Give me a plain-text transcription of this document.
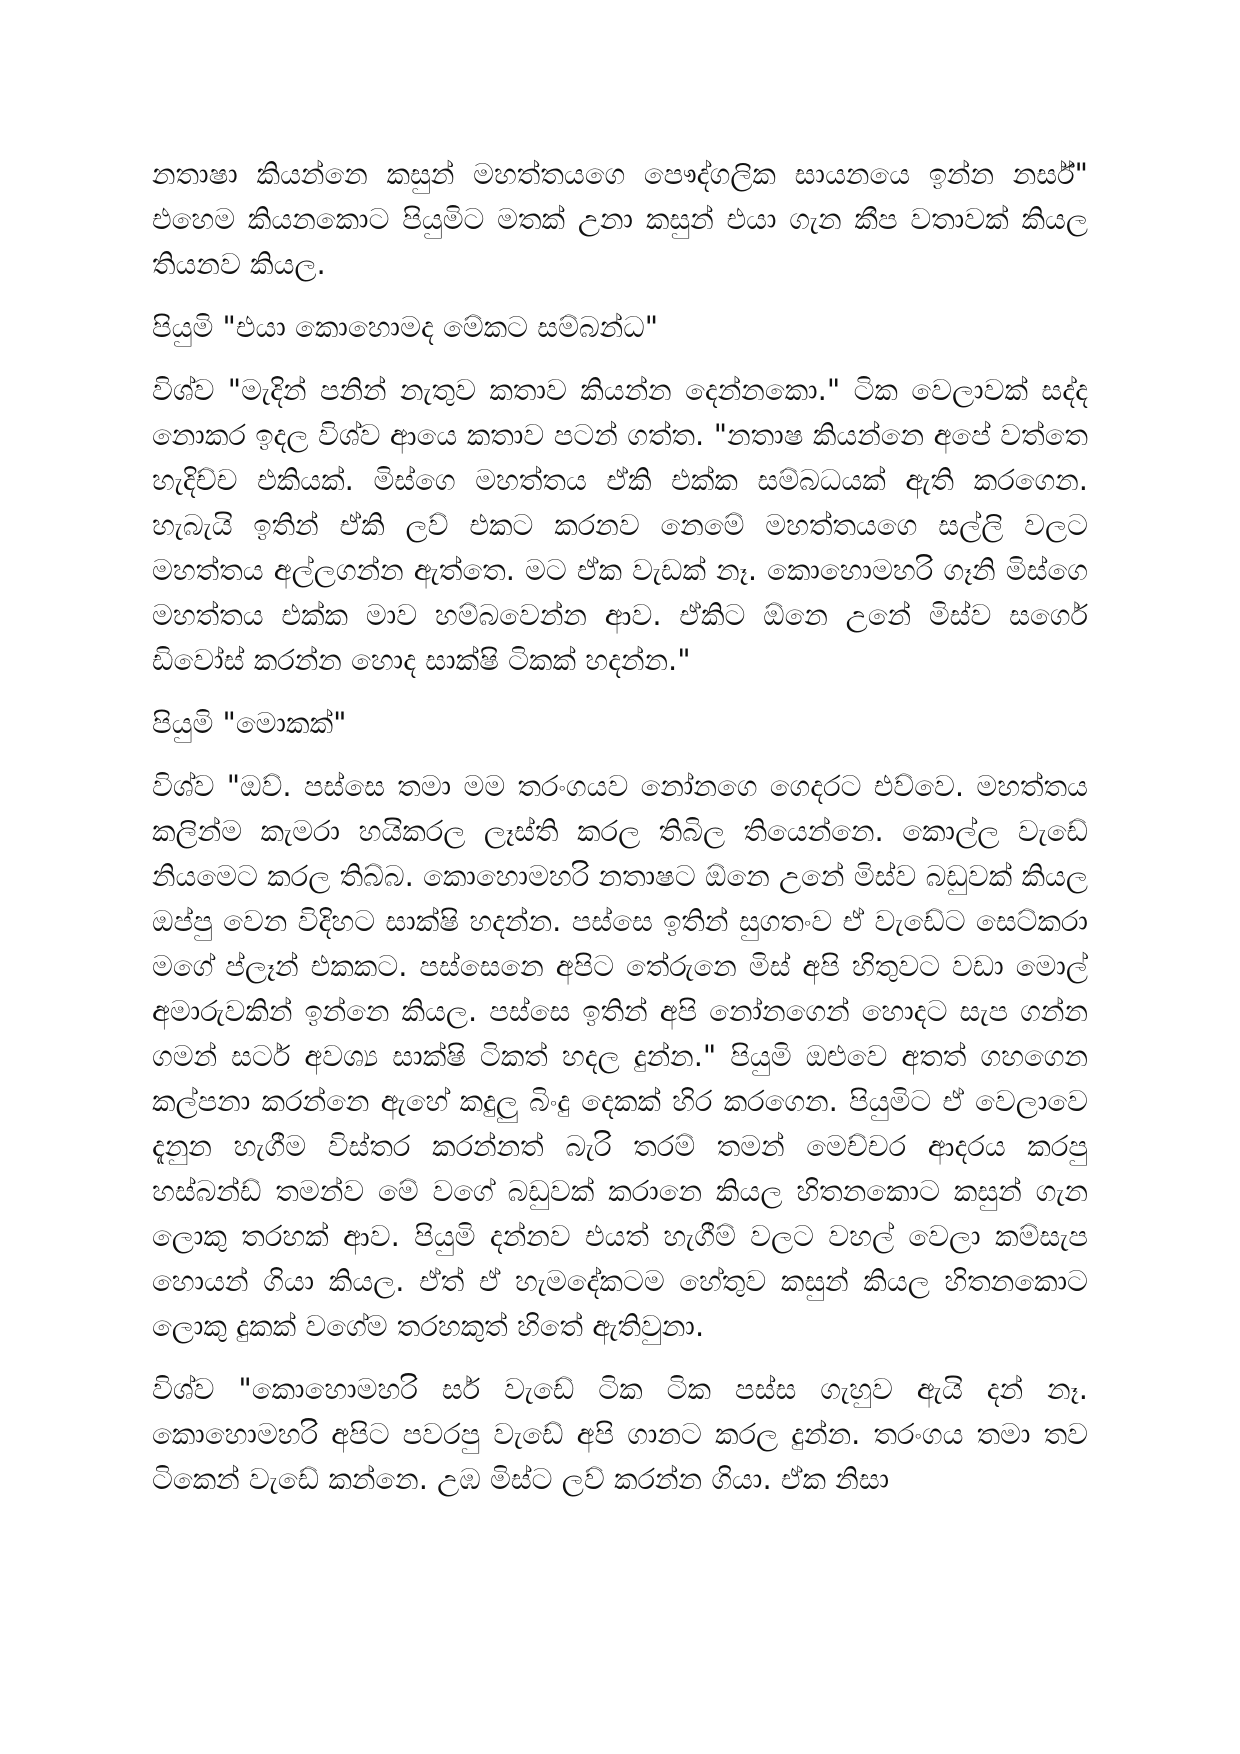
නතාෂා කියන්නෙ කසුන් මහත්තයගෙ පෞද්ගලික සායනයෙ ඉන්න නර්ස්" එහෙම කියනකොට පියුමිට මතක් උනා කසුන් එයා ගැන කීප වතාවක් කියල තියනව කියල.

පියුමි "එයා කොහොමද මේකට සම්බන්ධ"

විශ්ව "මැදින් පනින් නැතුව කතාව කියන්න දෙන්නකො." ටික වෙලාවක් සද්ද නොකර ඉදල විශ්ව ආයෙ කතාව පටන් ගත්ත. "නතාෂ කියන්නෙ අපේ වත්තෙ හැදිච්ච එකියක්. මිස්ගෙ මහත්තය ඒකි එක්ක සම්බධයක් ඇති කරගෙන. හැබැයි ඉතින් ඒකි ලව් එකට කරනව නෙමේ මහත්තයගෙ සල්ලි වලට මහත්තය අල්ලගන්න ඇත්තෙ. මට ඒක වැඩක් නෑ. කොහොමහරි ගෑනි මිස්ගෙ මහත්තය එක්ක මාව හම්බවෙන්න ආව. ඒකිට ඕනෙ උනේ මිස්ව සර්ගෙ ඩිවෝස් කරන්න හොද සාක්ෂි ටිකක් හදන්න."

පියුමි "මොකක්"

විශ්ව "ඔව්. පස්සෙ තමා මම තරංගයව නෝනගෙ ගෙදරට එව්වෙ. මහත්තය කලින්ම කැමරා හයිකරල ලෑස්ති කරල තිබිල තියෙන්නෙ. කොල්ල වැඩේ නියමෙට කරල තිබ්බ. කොහොමහරි නතාෂට ඕනෙ උනේ මිස්ව බඩුවක් කියල ඔප්පු වෙන විදිහට සාක්ෂි හදන්න. පස්සෙ ඉතින් සුගතංව ඒ වැඩේට සෙට්කරා මගේ ප්ලෑන් එකකට. පස්සෙනෙ අපිට තේරුනෙ මිස් අපි හිතුවට වඩා මොල් අමාරුවකින් ඉන්නෙ කියල. පස්සෙ ඉතින් අපි නෝනගෙන් හොදට සැප ගන්න ගමන් සර්ට අවශ්‍ය සාක්ෂි ටිකත් හදල දුන්න." පියුමි ඔළුවෙ අතත් ගහගෙන කල්පනා කරන්නෙ ඇහේ කදුලු බිංදු දෙකක් හිර කරගෙන. පියුමිට ඒ වෙලාවෙ දැනුන හැගීම විස්තර කරන්නත් බැරි තරම් තමන් මෙච්චර ආදරය කරපු හස්බන්ඩ් තමන්ව මේ වගේ බඩුවක් කරානෙ කියල හිතනකොට කසුන් ගැන ලොකු තරහක් ආව. පියුමි දන්නව එයත් හැගීම් වලට වහල් වෙලා කම්සැප හොයන් ගියා කියල. ඒත් ඒ හැමදේකටම හේතුව කසුන් කියල හිතනකොට ලොකු දුකක් වගේම තරහකුත් හිතේ ඇතිවුනා.

විශ්ව "කොහොමහරි සර් වැඩේ ටික ටික පස්ස ගැහුව ඇයි දන් නෑ. කොහොමහරි අපිට පවරපු වැඩේ අපි ගානට කරල දුන්න. තරංගය තමා තව ටිකෙන් වැඩේ කන්නෙ. උඹ මිස්ට ලව් කරන්න ගියා. ඒක නිසා
